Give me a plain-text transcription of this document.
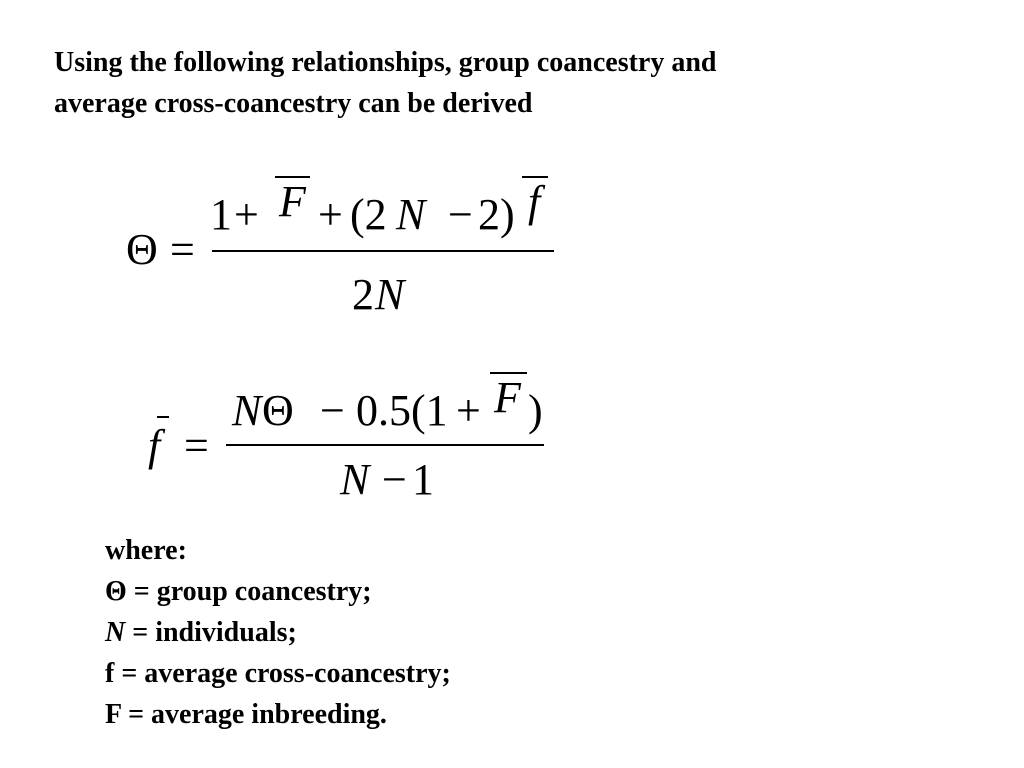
Using the following relationships, group coancestry and
average cross-coancestry can be derived
Θ =
1 + F + (2 N − 2) f
2 N
f =
N Θ − 0.5(1 + F )
N − 1
where:
Θ = group coancestry;
N = individuals;
f = average cross-coancestry;
F = average inbreeding.
